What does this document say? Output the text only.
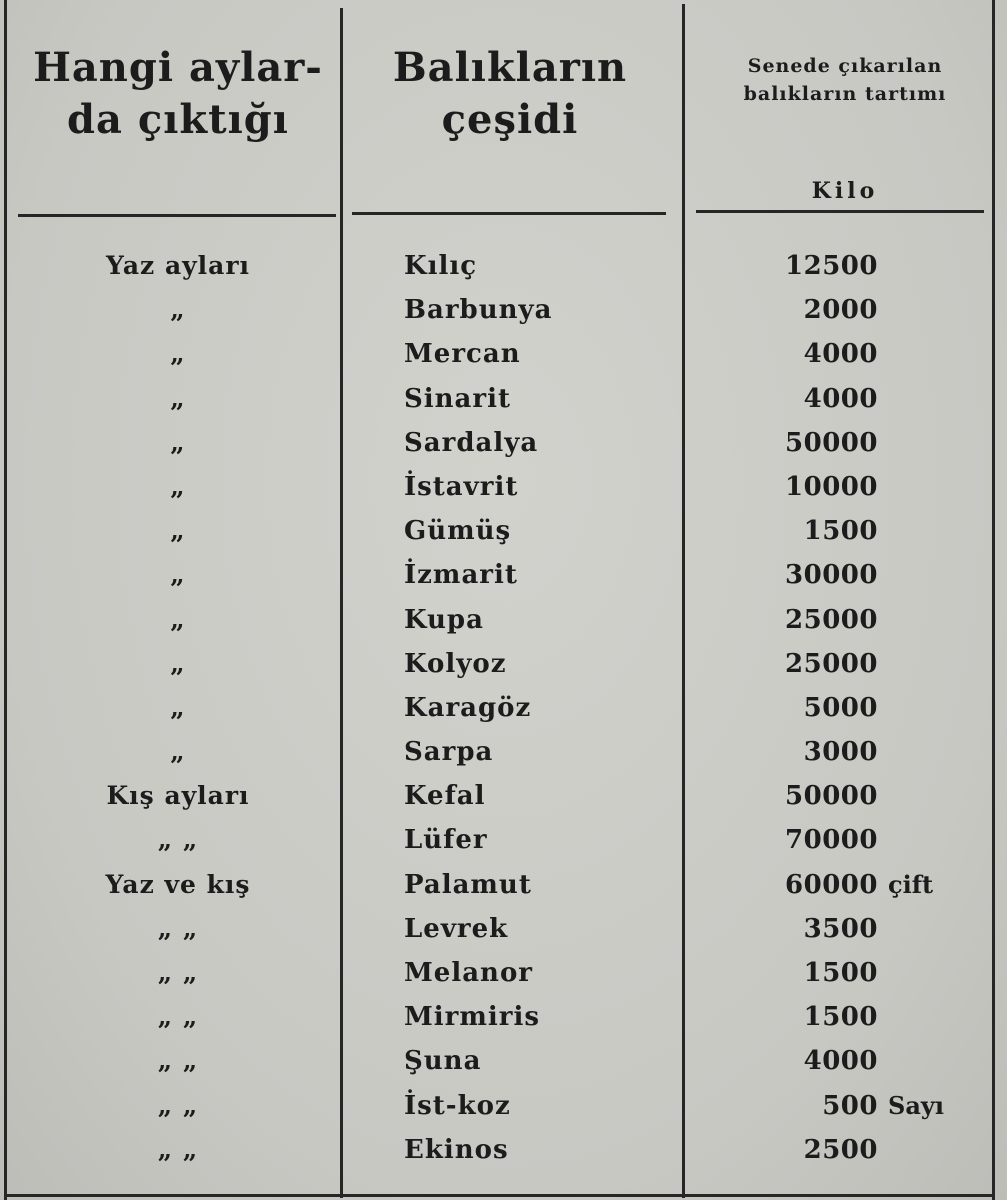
Hangi aylar-da çıktığı
Balıkların çeşidi
Senede çıkarılan balıkların tartımı
Kilo
Yaz ayları	Kılıç	12500
„	Barbunya	2000
„	Mercan	4000
„	Sinarit	4000
„	Sardalya	50000
„	İstavrit	10000
„	Gümüş	1500
„	İzmarit	30000
„	Kupa	25000
„	Kolyoz	25000
„	Karagöz	5000
„	Sarpa	3000
Kış ayları	Kefal	50000
„ „	Lüfer	70000
Yaz ve kış	Palamut	60000 çift
„ „	Levrek	3500
„ „	Melanor	1500
„ „	Mirmiris	1500
„ „	Şuna	4000
„ „	İst-koz	500 Sayı
„ „	Ekinos	2500
